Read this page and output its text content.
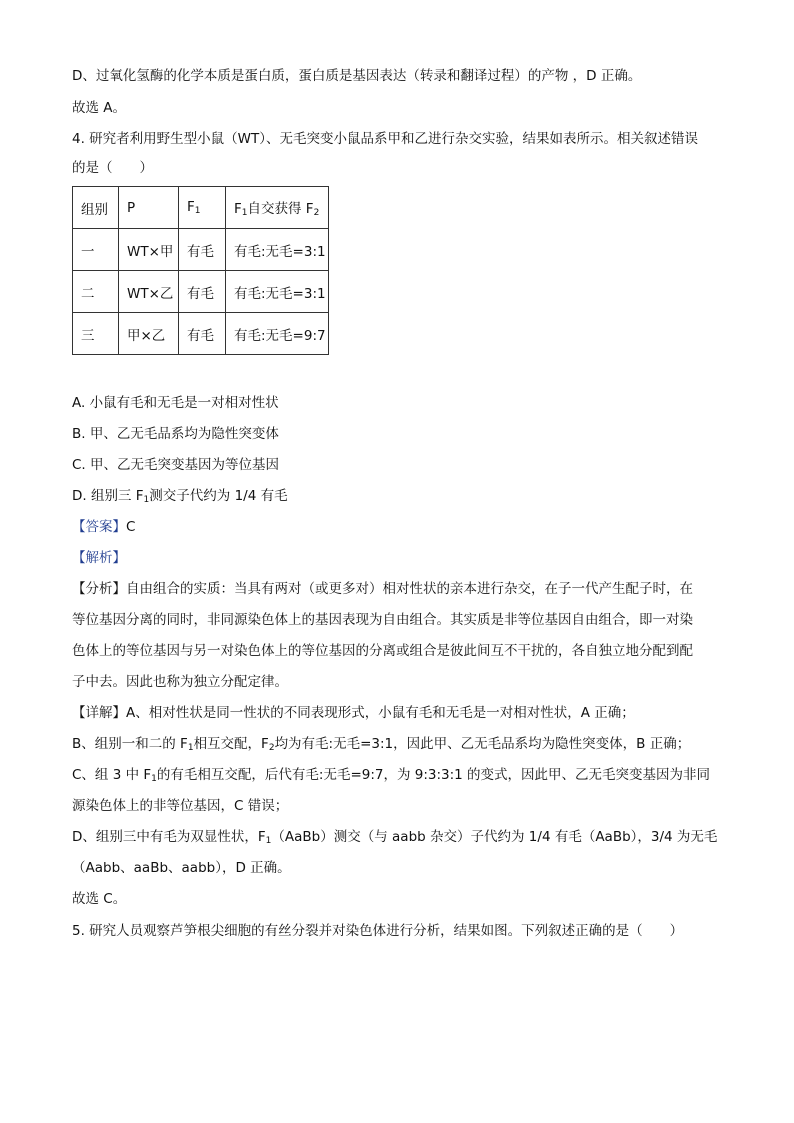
D、过氧化氢酶的化学本质是蛋白质，蛋白质是基因表达（转录和翻译过程）的产物 ，D 正确。
故选 A。
4. 研究者利用野生型小鼠（WT）、无毛突变小鼠品系甲和乙进行杂交实验，结果如表所示。相关叙述错误
的是（　　）
组别	P	$F_1$	$F_1$自交获得 $F_2$
一	WT×甲	有毛	有毛:无毛=3:1
二	WT×乙	有毛	有毛:无毛=3:1
三	甲×乙	有毛	有毛:无毛=9:7
A. 小鼠有毛和无毛是一对相对性状
B. 甲、乙无毛品系均为隐性突变体
C. 甲、乙无毛突变基因为等位基因
D. 组别三 $F_1$测交子代约为 1/4 有毛
【答案】C
【解析】
【分析】自由组合的实质：当具有两对（或更多对）相对性状的亲本进行杂交，在子一代产生配子时，在
等位基因分离的同时，非同源染色体上的基因表现为自由组合。其实质是非等位基因自由组合，即一对染
色体上的等位基因与另一对染色体上的等位基因的分离或组合是彼此间互不干扰的，各自独立地分配到配
子中去。因此也称为独立分配定律。
【详解】A、相对性状是同一性状的不同表现形式，小鼠有毛和无毛是一对相对性状，A 正确；
B、组别一和二的 $F_1$相互交配，$F_2$均为有毛:无毛=3:1，因此甲、乙无毛品系均为隐性突变体，B 正确；
C、组 3 中 $F_1$的有毛相互交配，后代有毛:无毛=9:7，为 9:3:3:1 的变式，因此甲、乙无毛突变基因为非同
源染色体上的非等位基因，C 错误；
D、组别三中有毛为双显性状，$F_1(AaBb)$测交（与 aabb 杂交）子代约为 1/4 有毛（AaBb），3/4 为无毛
（Aabb、aaBb、aabb），D 正确。
故选 C。
5. 研究人员观察芦笋根尖细胞的有丝分裂并对染色体进行分析，结果如图。下列叙述正确的是（　　）
